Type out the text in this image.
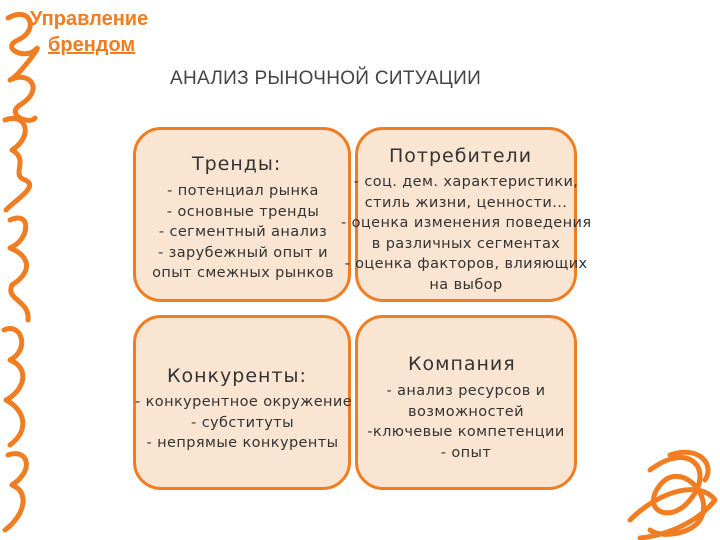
Управление
брендом
АНАЛИЗ РЫНОЧНОЙ СИТУАЦИИ
Тренды:
- потенциал рынка
- основные тренды
- сегментный анализ
- зарубежный опыт и
опыт смежных рынков
Потребители
- соц. дем. характеристики,
стиль жизни, ценности...
- оценка изменения поведения
в различных сегментах
- оценка факторов, влияющих
на выбор
Конкуренты:
- конкурентное окружение
- субституты
- непрямые конкуренты
Компания
- анализ ресурсов и
возможностей
-ключевые компетенции
- опыт
